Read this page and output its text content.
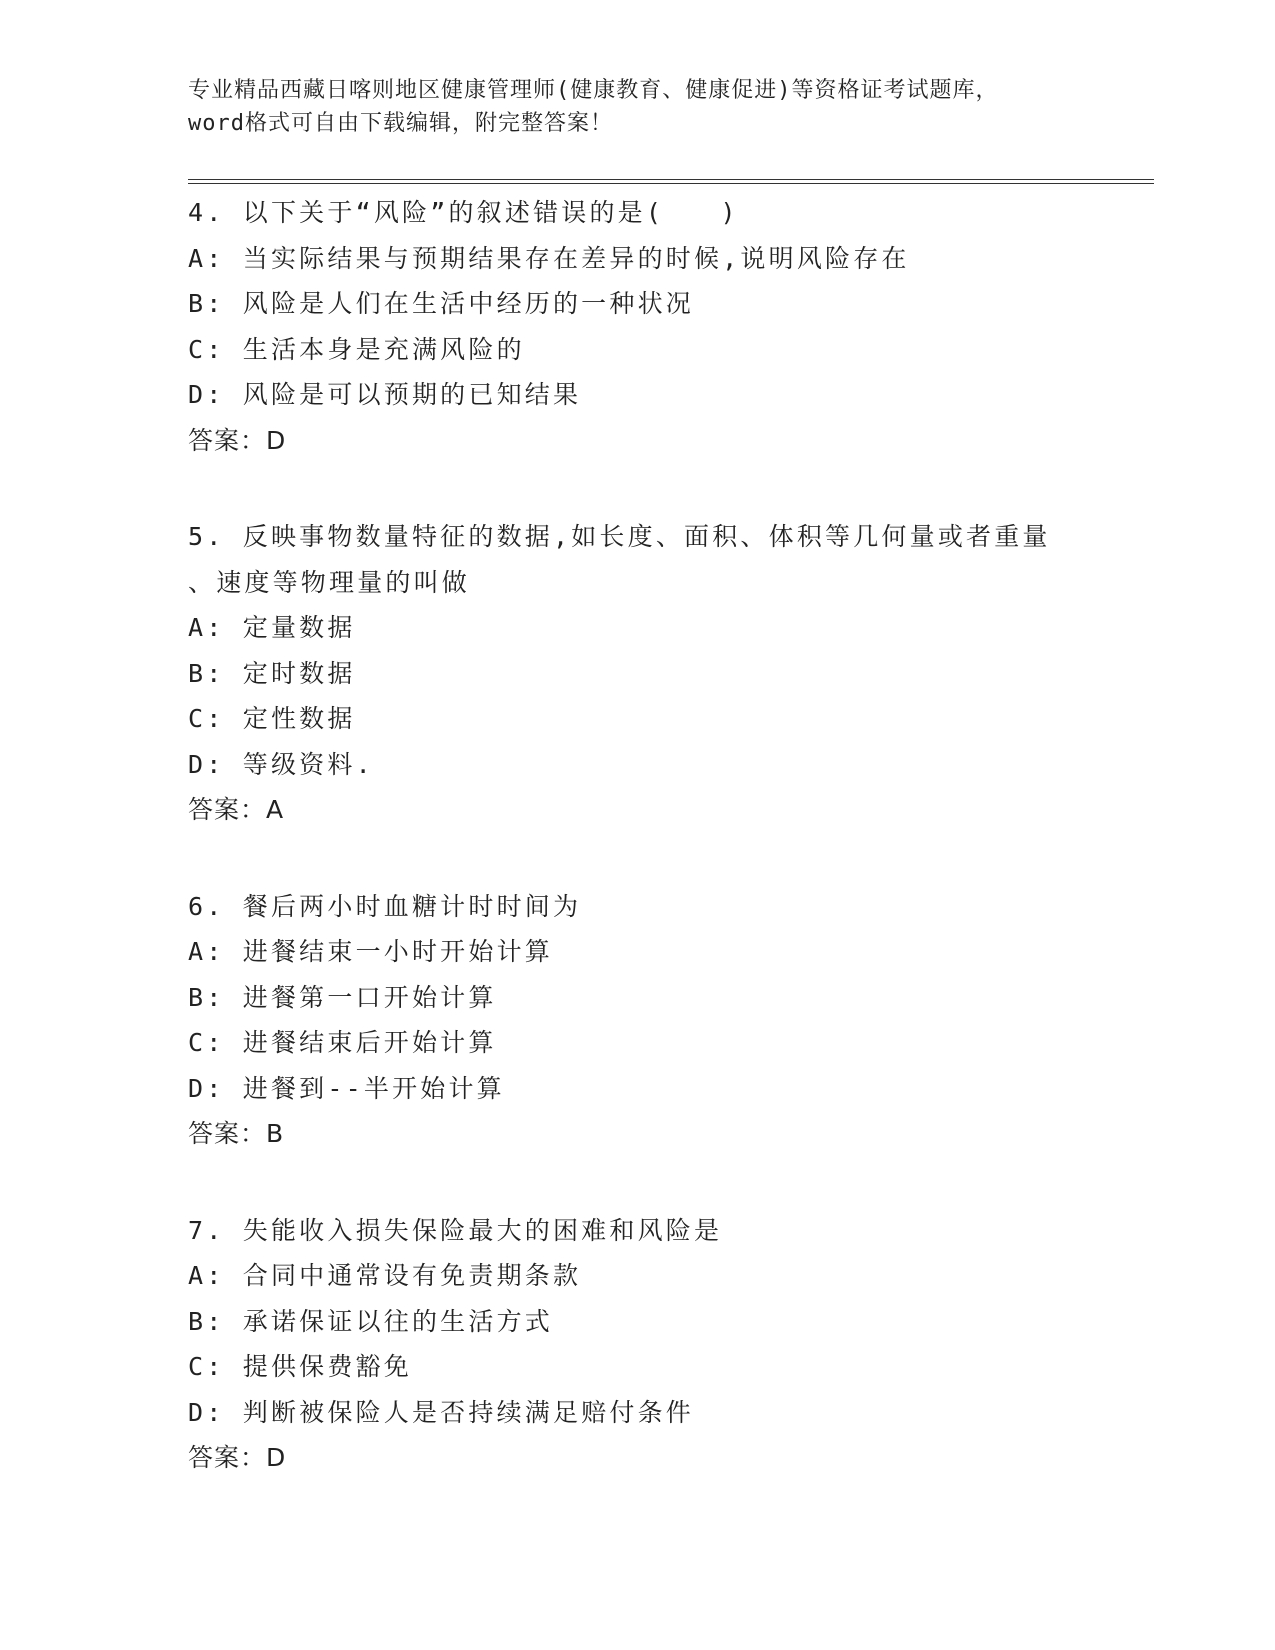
专业精品西藏日喀则地区健康管理师(健康教育、健康促进)等资格证考试题库，
word格式可自由下载编辑，附完整答案！
4. 以下关于“风险”的叙述错误的是(　　)
A: 当实际结果与预期结果存在差异的时候,说明风险存在
B: 风险是人们在生活中经历的一种状况
C: 生活本身是充满风险的
D: 风险是可以预期的已知结果
答案：D
5. 反映事物数量特征的数据,如长度、面积、体积等几何量或者重量
、速度等物理量的叫做
A: 定量数据
B: 定时数据
C: 定性数据
D: 等级资料.
答案：A
6. 餐后两小时血糖计时时间为
A: 进餐结束一小时开始计算
B: 进餐第一口开始计算
C: 进餐结束后开始计算
D: 进餐到--半开始计算
答案：B
7. 失能收入损失保险最大的困难和风险是
A: 合同中通常设有免责期条款
B: 承诺保证以往的生活方式
C: 提供保费豁免
D: 判断被保险人是否持续满足赔付条件
答案：D
